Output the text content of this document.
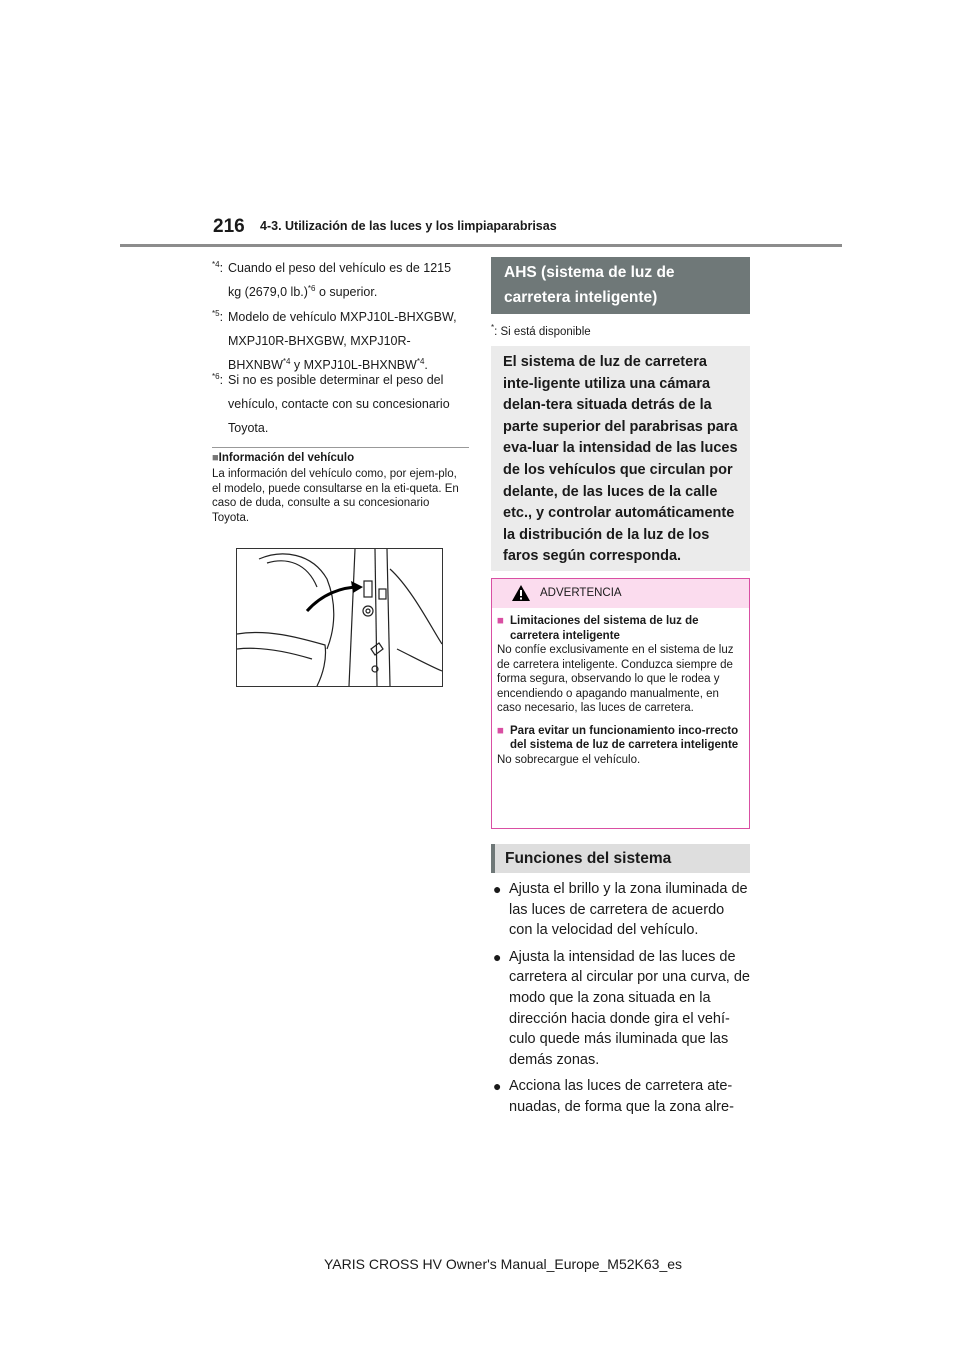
216 4-3. Utilización de las luces y los limpiaparabrisas
$^{*4}$: Cuando el peso del vehículo es de 1215
kg (2679,0 lb.)$^{*6}$ o superior.
$^{*5}$: Modelo de vehículo MXPJ10L-BHXGBW,
MXPJ10R-BHXGBW, MXPJ10R-
BHXNBW$^{*4}$ y MXPJ10L-BHXNBW$^{*4}$.
$^{*6}$: Si no es posible determinar el peso del
vehículo, contacte con su concesionario
Toyota.
■Información del vehículo
La información del vehículo como, por ejem-plo, el modelo, puede consultarse en la eti-queta. En caso de duda, consulte a su concesionario Toyota.
AHS (sistema de luz de
carretera inteligente)
*
*: Si está disponible
El sistema de luz de carretera inte-ligente utiliza una cámara delan-tera situada detrás de la parte superior del parabrisas para eva-luar la intensidad de las luces de los vehículos que circulan por delante, de las luces de la calle etc., y controlar automáticamente la distribución de la luz de los faros según corresponda.
ADVERTENCIA
■ Limitaciones del sistema de luz de carretera inteligente
No confíe exclusivamente en el sistema de luz de carretera inteligente. Conduzca siempre de forma segura, observando lo que le rodea y encendiendo o apagando manualmente, en caso necesario, las luces de carretera.
■ Para evitar un funcionamiento inco-rrecto del sistema de luz de carretera inteligente
No sobrecargue el vehículo.
Funciones del sistema
● Ajusta el brillo y la zona iluminada de las luces de carretera de acuerdo con la velocidad del vehículo.
● Ajusta la intensidad de las luces de carretera al circular por una curva, de modo que la zona situada en la dirección hacia donde gira el vehí-culo quede más iluminada que las demás zonas.
● Acciona las luces de carretera ate-nuadas, de forma que la zona alre-
YARIS CROSS HV Owner's Manual_Europe_M52K63_es
